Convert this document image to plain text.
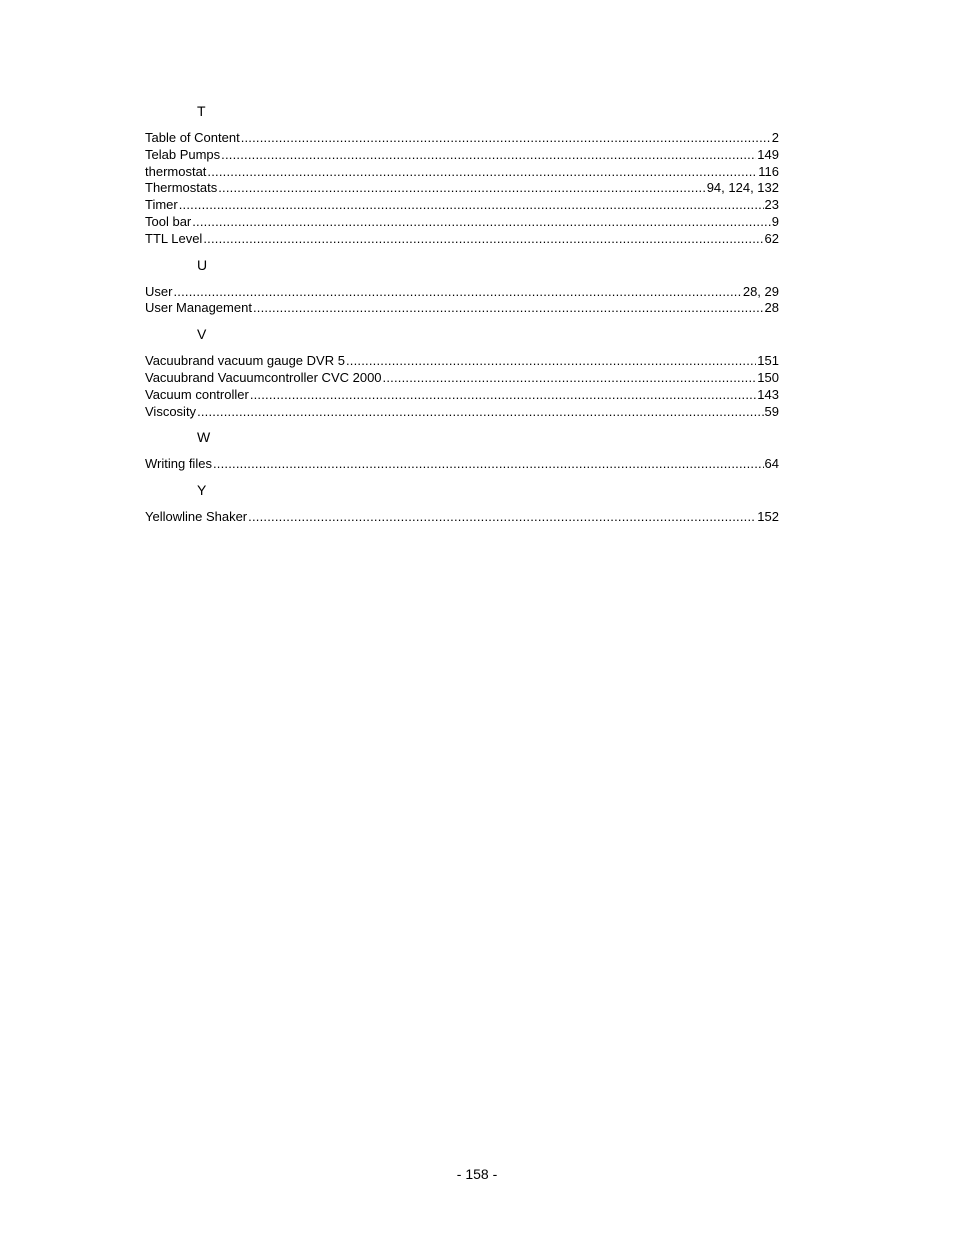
T
Table of Content .....	2
Telab Pumps .....	149
thermostat .....	116
Thermostats .....	94, 124, 132
Timer .....	23
Tool bar .....	9
TTL Level .....	62
U
User .....	28, 29
User Management .....	28
V
Vacuubrand vacuum gauge DVR 5 .....	151
Vacuubrand Vacuumcontroller CVC 2000 .....	150
Vacuum controller .....	143
Viscosity .....	59
W
Writing files .....	64
Y
Yellowline Shaker .....	152
- 158 -
